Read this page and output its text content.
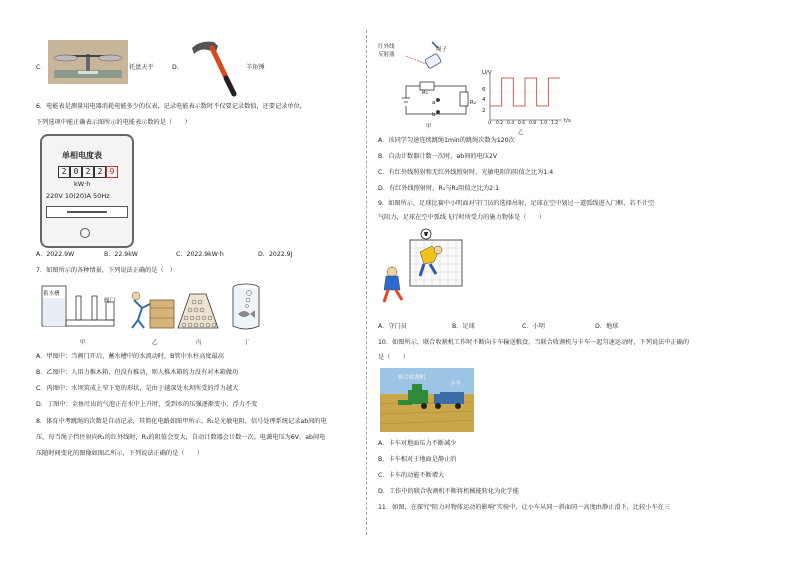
C．	托盘天平	D．	羊角锤
6．电能表是测量用电器消耗电能多少的仪表，记录电能表示数时不仅要记录数值，还要记录单位，
下列选项中能正确表示图所示的电能表示数的是（　　）
单相电度表
2 0 2 2 9
kW·h
220V 10(20)A 50Hz
A．2022.9W	B．22.9kW	C．2022.9kW·h	D．2022.9J
7．如图所示的各种情景，下列说法正确的是（　）
蓄水槽
阀门
甲	乙	丙	丁
A．甲图中：当阀门开启，蓄水槽中的水流动时，B管中水柱高度最高
B．乙图中：人用力推木箱，但没有推动，则人推木箱的力没有对木箱做功
C．丙图中：水坝筑成上窄下宽的形状，是由于越深处水坝所受的浮力越大
D．丁图中：金鱼吐出的气泡正在水中上升时，受到水的压强逐渐变小、浮力不变
8．体育中考跳绳的次数是自动记录，其简化电路如图甲所示。R₁是光敏电阻，信号处理系统记录ab间的电
压，每当绳子挡住射向R₁的红外线时，R₁的阻值会变大，自动计数器会计数一次。电源电压为6V，ab间电
压随时间变化的图像如图乙所示，下列说法正确的是（　　）
红外线
反射器
绳子
R₁
R₂
a
b
甲
U/V
t/s
6
4
2
0 0.2 0.4 0.6 0.8 1.0 1.2
乙
A．该同学匀速连续跳绳1min的跳绳次数为120次
B．自动计数器计数一次时，ab间的电压2V
C．有红外线照射和无红外线照射时，光敏电阻的阻值之比为1:4
D．有红外线照射时，R₁与R₂阻值之比为2:1
9．如图所示，足球比赛中小明面对守门员的选择吊射，足球在空中划过一道弧线进入门框，若不计空
气阻力，足球在空中弧线飞行时所受力的施力物体是（　　）
A．守门员	B．足球	C．小明	D．地球
10．如图所示，联合收割机工作时不断向卡车输送粮食，当联合收割机与卡车一起匀速运动时，下列说法中正确的
是（　　）
联合收割机
卡车
A．卡车对地面压力不断减少
B．卡车相对于地面是静止的
C．卡车的动能不断增大
D．工作中的联合收割机不断将机械能转化为化学能
11．如图，在探究"阻力对物体运动的影响"实验中，让小车从同一斜面同一高度由静止滑下，比较小车在三
